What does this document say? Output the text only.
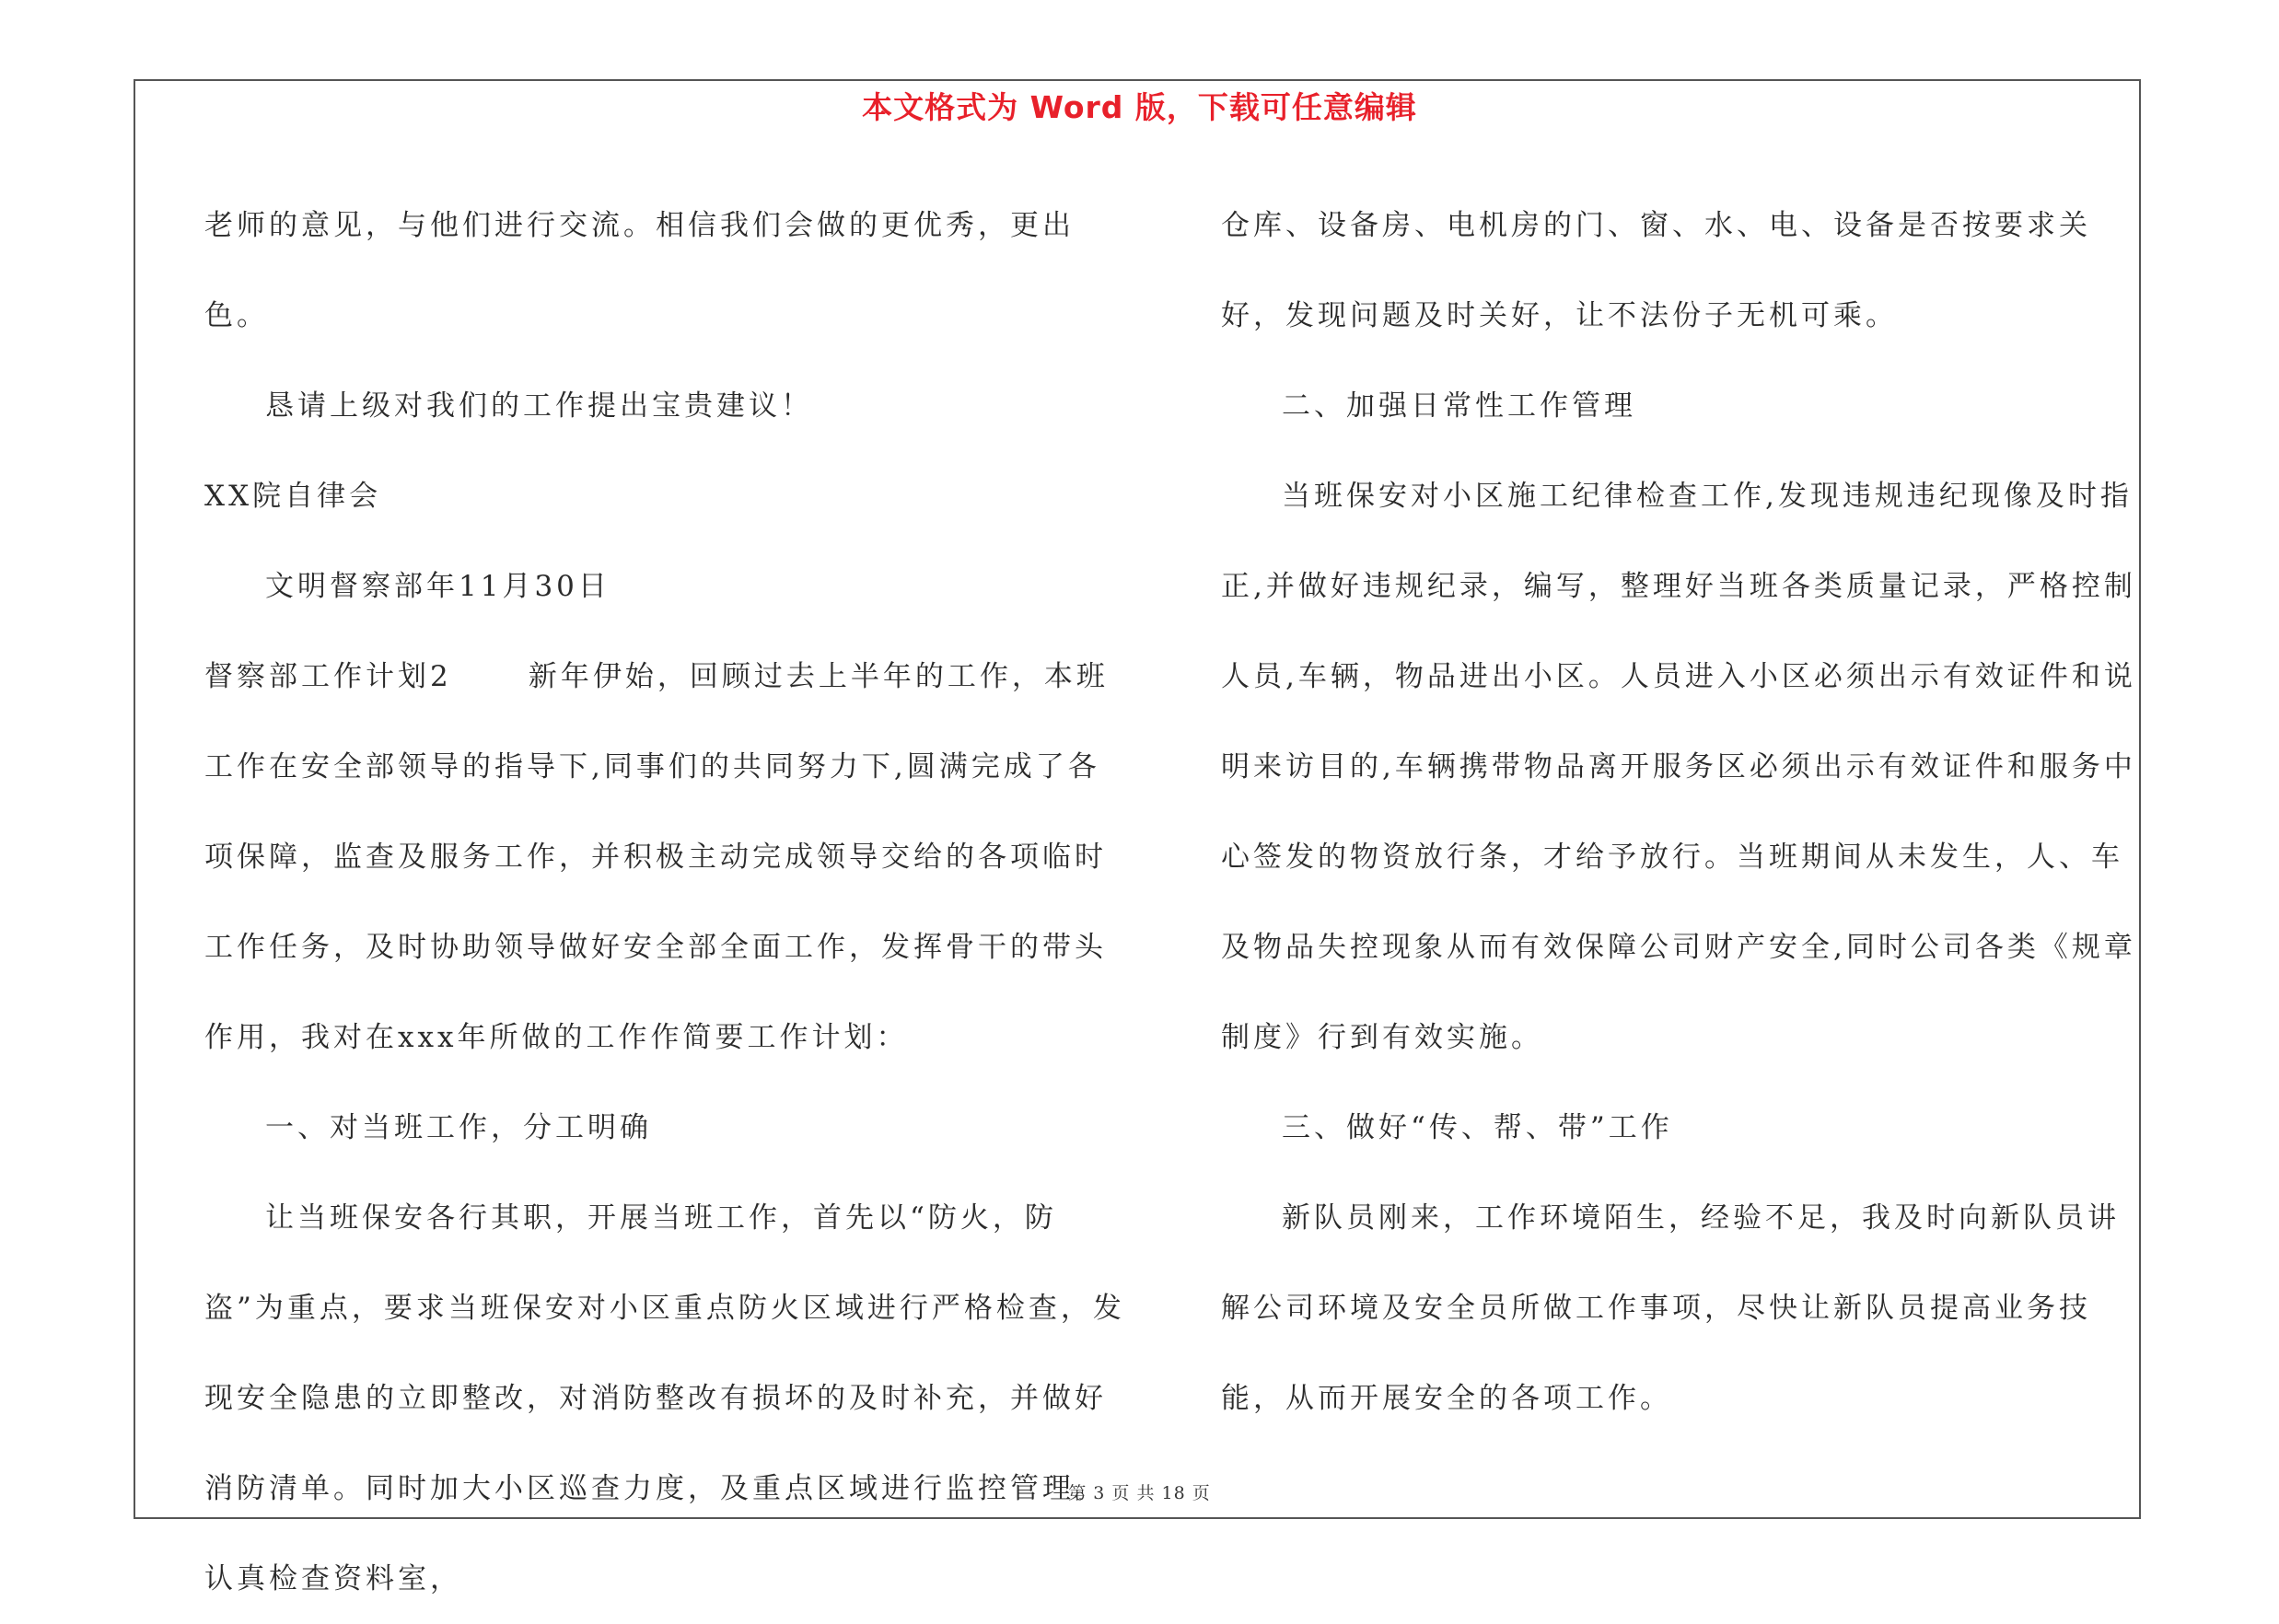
本文格式为 Word 版，下载可任意编辑

老师的意见，与他们进行交流。相信我们会做的更优秀，更出色。

恳请上级对我们的工作提出宝贵建议！

XX院自律会

文明督察部年11月30日

督察部工作计划2      新年伊始，回顾过去上半年的工作，本班工作在安全部领导的指导下,同事们的共同努力下,圆满完成了各项保障，监查及服务工作，并积极主动完成领导交给的各项临时工作任务，及时协助领导做好安全部全面工作，发挥骨干的带头作用，我对在xxx年所做的工作作简要工作计划：

一、对当班工作，分工明确

让当班保安各行其职，开展当班工作，首先以“防火，防盗”为重点，要求当班保安对小区重点防火区域进行严格检查，发现安全隐患的立即整改，对消防整改有损坏的及时补充，并做好消防清单。同时加大小区巡查力度，及重点区域进行监控管理。认真检查资料室，

仓库、设备房、电机房的门、窗、水、电、设备是否按要求关好，发现问题及时关好，让不法份子无机可乘。

二、加强日常性工作管理

当班保安对小区施工纪律检查工作,发现违规违纪现像及时指正,并做好违规纪录，编写，整理好当班各类质量记录，严格控制人员,车辆，物品进出小区。人员进入小区必须出示有效证件和说明来访目的,车辆携带物品离开服务区必须出示有效证件和服务中心签发的物资放行条，才给予放行。当班期间从未发生，人、车及物品失控现象从而有效保障公司财产安全,同时公司各类《规章制度》行到有效实施。

三、做好“传、帮、带”工作

新队员刚来，工作环境陌生，经验不足，我及时向新队员讲解公司环境及安全员所做工作事项，尽快让新队员提高业务技能，从而开展安全的各项工作。

第 3 页 共 18 页
